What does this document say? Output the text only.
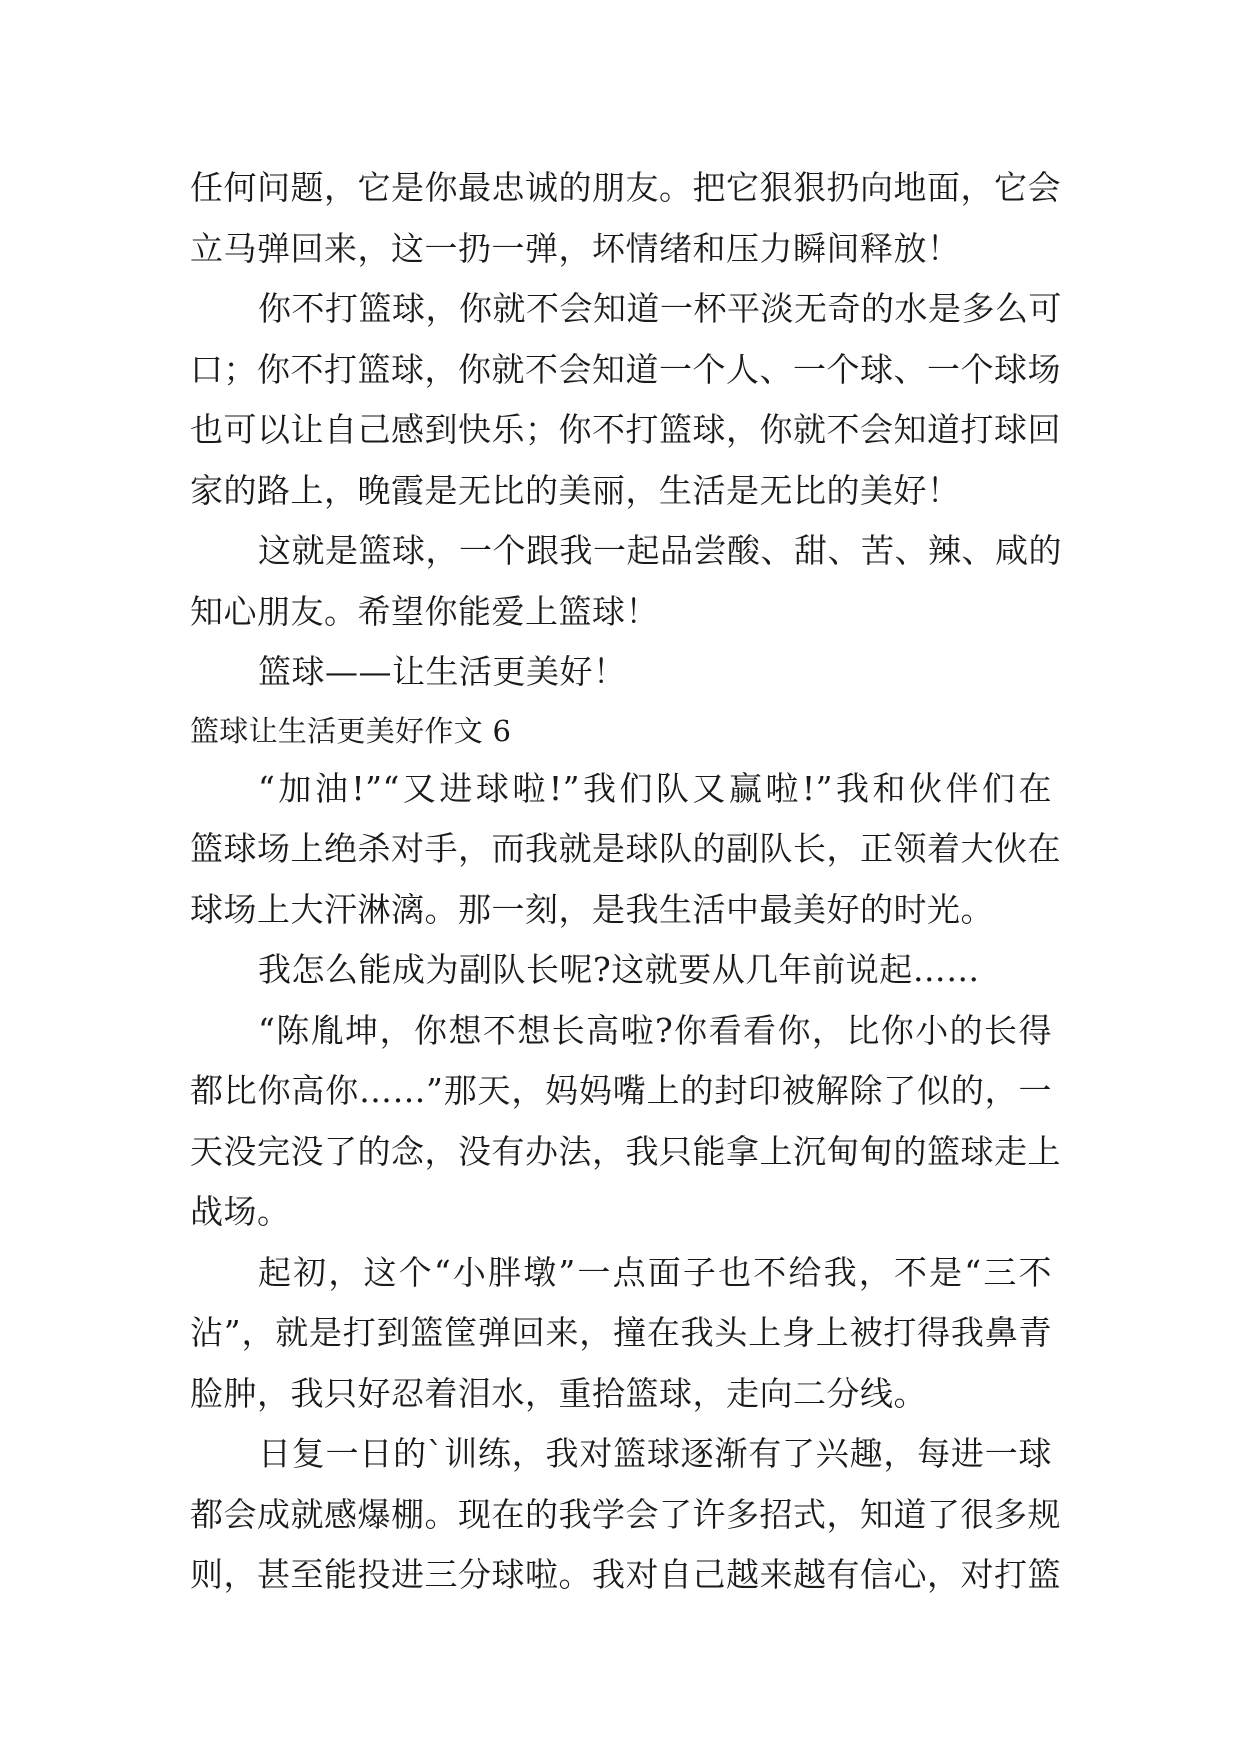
任何问题，它是你最忠诚的朋友。把它狠狠扔向地面，它会
立马弹回来，这一扔一弹，坏情绪和压力瞬间释放！
你不打篮球，你就不会知道一杯平淡无奇的水是多么可
口；你不打篮球，你就不会知道一个人、一个球、一个球场
也可以让自己感到快乐；你不打篮球，你就不会知道打球回
家的路上，晚霞是无比的美丽，生活是无比的美好！
这就是篮球，一个跟我一起品尝酸、甜、苦、辣、咸的
知心朋友。希望你能爱上篮球！
篮球——让生活更美好！
篮球让生活更美好作文 6
“加油!”“又进球啦!”我们队又赢啦!”我和伙伴们在
篮球场上绝杀对手，而我就是球队的副队长，正领着大伙在
球场上大汗淋漓。那一刻，是我生活中最美好的时光。
我怎么能成为副队长呢?这就要从几年前说起……
“陈胤坤，你想不想长高啦?你看看你，比你小的长得
都比你高你……”那天，妈妈嘴上的封印被解除了似的，一
天没完没了的念，没有办法，我只能拿上沉甸甸的篮球走上
战场。
起初，这个“小胖墩”一点面子也不给我，不是“三不
沾”，就是打到篮筐弹回来，撞在我头上身上被打得我鼻青
脸肿，我只好忍着泪水，重拾篮球，走向二分线。
日复一日的`训练，我对篮球逐渐有了兴趣，每进一球
都会成就感爆棚。现在的我学会了许多招式，知道了很多规
则，甚至能投进三分球啦。我对自己越来越有信心，对打篮
